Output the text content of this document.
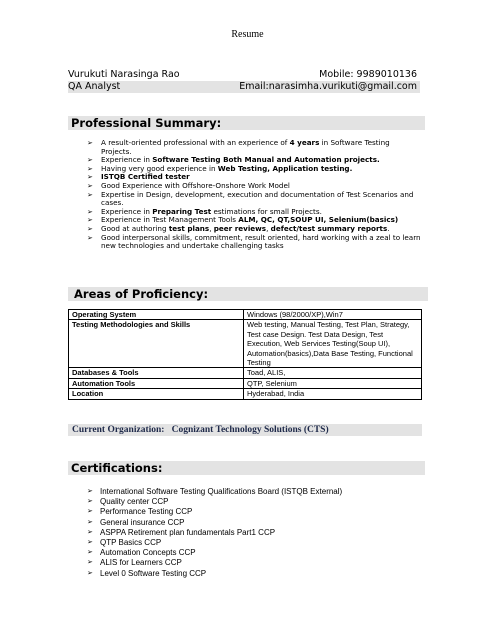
Resume
Vurukuti Narasinga Rao	Mobile: 9989010136
QA Analyst	Email:narasimha.vurikuti@gmail.com
Professional Summary:
➢ A result-oriented professional with an experience of 4 years in Software Testing Projects.
➢ Experience in Software Testing Both Manual and Automation projects.
➢ Having very good experience in Web Testing, Application testing.
➢ ISTQB Certified tester
➢ Good Experience with Offshore-Onshore Work Model
➢ Expertise in Design, development, execution and documentation of Test Scenarios and cases.
➢ Experience in Preparing Test estimations for small Projects.
➢ Experience in Test Management Tools ALM, QC, QT,SOUP UI, Selenium(basics)
➢ Good at authoring test plans, peer reviews, defect/test summary reports.
➢ Good interpersonal skills, commitment, result oriented, hard working with a zeal to learn new technologies and undertake challenging tasks
Areas of Proficiency:
Operating System	Windows (98/2000/XP),Win7
Testing Methodologies and Skills	Web testing, Manual Testing, Test Plan, Strategy, Test case Design. Test Data Design, Test Execution, Web Services Testing(Soup UI), Automation(basics),Data Base Testing, Functional Testing
Databases & Tools	Toad, ALIS,
Automation Tools	QTP, Selenium
Location	Hyderabad, India
Current Organization: Cognizant Technology Solutions (CTS)
Certifications:
➢ International Software Testing Qualifications Board (ISTQB External)
➢ Quality center CCP
➢ Performance Testing CCP
➢ General insurance CCP
➢ ASPPA Retirement plan fundamentals Part1 CCP
➢ QTP Basics CCP
➢ Automation Concepts CCP
➢ ALIS for Learners CCP
➢ Level 0 Software Testing CCP
